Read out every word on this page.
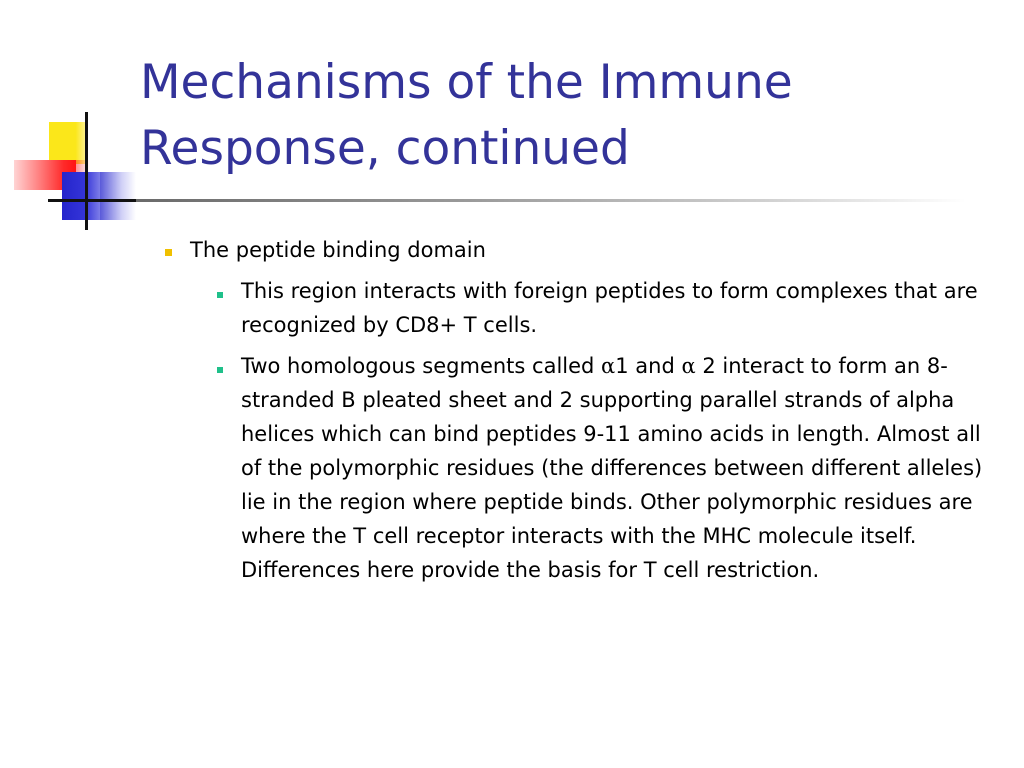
Mechanisms of the Immune Response, continued
The peptide binding domain
This region interacts with foreign peptides to form complexes that are recognized by CD8+ T cells.
Two homologous segments called α1 and α 2 interact to form an 8-stranded B pleated sheet and 2 supporting parallel strands of alpha helices which can bind peptides 9-11 amino acids in length. Almost all of the polymorphic residues (the differences between different alleles) lie in the region where peptide binds. Other polymorphic residues are where the T cell receptor interacts with the MHC molecule itself. Differences here provide the basis for T cell restriction.
